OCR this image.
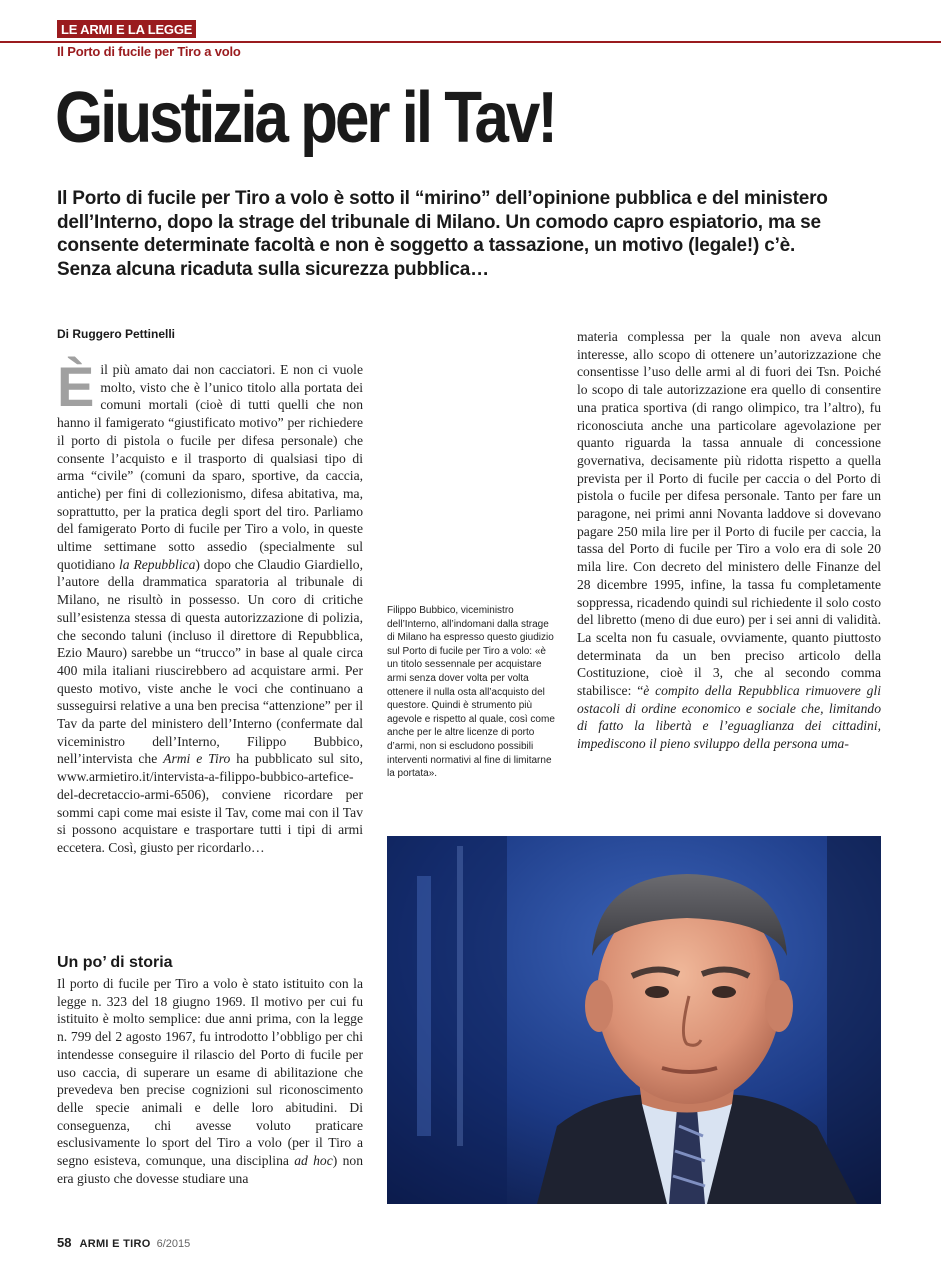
LE ARMI E LA LEGGE
Il Porto di fucile per Tiro a volo
Giustizia per il Tav!
Il Porto di fucile per Tiro a volo è sotto il “mirino” dell’opinione pubblica e del ministero dell’Interno, dopo la strage del tribunale di Milano. Un comodo capro espiatorio, ma se consente determinate facoltà e non è soggetto a tassazione, un motivo (legale!) c’è. Senza alcuna ricaduta sulla sicurezza pubblica…
Di Ruggero Pettinelli

È il più amato dai non cacciatori. E non ci vuole molto, visto che è l’unico titolo alla portata dei comuni mortali (cioè di tutti quelli che non hanno il famigerato “giustificato motivo” per richiedere il porto di pistola o fucile per difesa personale) che consente l’acquisto e il trasporto di qualsiasi tipo di arma “civile” (comuni da sparo, sportive, da caccia, antiche) per fini di collezionismo, difesa abitativa, ma, soprattutto, per la pratica degli sport del tiro. Parliamo del famigerato Porto di fucile per Tiro a volo, in queste ultime settimane sotto assedio (specialmente sul quotidiano la Repubblica) dopo che Claudio Giardiello, l’autore della drammatica sparatoria al tribunale di Milano, ne risultò in possesso. Un coro di critiche sull’esistenza stessa di questa autorizzazione di polizia, che secondo taluni (incluso il direttore di Repubblica, Ezio Mauro) sarebbe un “trucco” in base al quale circa 400 mila italiani riuscirebbero ad acquistare armi. Per questo motivo, viste anche le voci che continuano a susseguirsi relative a una ben precisa “attenzione” per il Tav da parte del ministero dell’Interno (confermate dal viceministro dell’Interno, Filippo Bubbico, nell’intervista che Armi e Tiro ha pubblicato sul sito, www.armietiro.it/intervista-a-filippo-bubbico-artefice-del-decretaccio-armi-6506), conviene ricordare per sommi capi come mai esiste il Tav, come mai con il Tav si possono acquistare e trasportare tutti i tipi di armi eccetera. Così, giusto per ricordarlo…

Un po’ di storia

Il porto di fucile per Tiro a volo è stato istituito con la legge n. 323 del 18 giugno 1969. Il motivo per cui fu istituito è molto semplice: due anni prima, con la legge n. 799 del 2 agosto 1967, fu introdotto l’obbligo per chi intendesse conseguire il rilascio del Porto di fucile per uso caccia, di superare un esame di abilitazione che prevedeva ben precise cognizioni sul riconoscimento delle specie animali e delle loro abitudini. Di conseguenza, chi avesse voluto praticare esclusivamente lo sport del Tiro a volo (per il Tiro a segno esisteva, comunque, una disciplina ad hoc) non era giusto che dovesse studiare una

Filippo Bubbico, viceministro dell’Interno, all’indomani dalla strage di Milano ha espresso questo giudizio sul Porto di fucile per Tiro a volo: «è un titolo sessennale per acquistare armi senza dover volta per volta ottenere il nulla osta all’acquisto del questore. Quindi è strumento più agevole e rispetto al quale, così come anche per le altre licenze di porto d’armi, non si escludono possibili interventi normativi al fine di limitarne la portata».

materia complessa per la quale non aveva alcun interesse, allo scopo di ottenere un’autorizzazione che consentisse l’uso delle armi al di fuori dei Tsn. Poiché lo scopo di tale autorizzazione era quello di consentire una pratica sportiva (di rango olimpico, tra l’altro), fu riconosciuta anche una particolare agevolazione per quanto riguarda la tassa annuale di concessione governativa, decisamente più ridotta rispetto a quella prevista per il Porto di fucile per caccia o del Porto di pistola o fucile per difesa personale. Tanto per fare un paragone, nei primi anni Novanta laddove si dovevano pagare 250 mila lire per il Porto di fucile per caccia, la tassa del Porto di fucile per Tiro a volo era di sole 20 mila lire. Con decreto del ministero delle Finanze del 28 dicembre 1995, infine, la tassa fu completamente soppressa, ricadendo quindi sul richiedente il solo costo del libretto (meno di due euro) per i sei anni di validità. La scelta non fu casuale, ovviamente, quanto piuttosto determinata da un ben preciso articolo della Costituzione, cioè il 3, che al secondo comma stabilisce: “è compito della Repubblica rimuovere gli ostacoli di ordine economico e sociale che, limitando di fatto la libertà e l’eguaglianza dei cittadini, impediscono il pieno sviluppo della persona uma-

58 ARMI E TIRO 6/2015
